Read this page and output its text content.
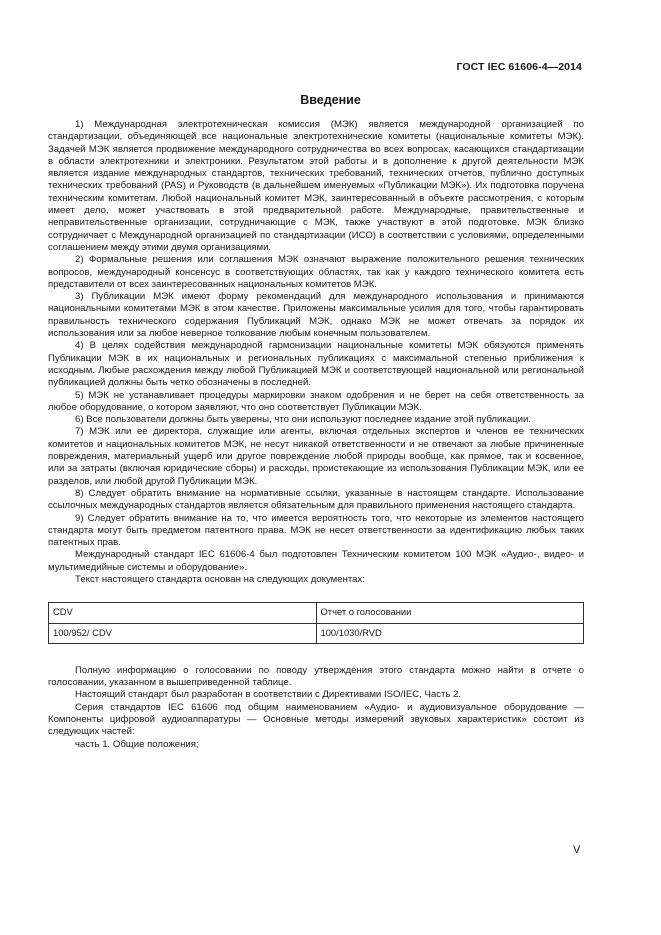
ГОСТ IEC 61606-4—2014
Введение

1) Международная электротехническая комиссия (МЭК) является международной организацией по стандартизации, объединяющей все национальные электротехнические комитеты (национальные комитеты МЭК). Задачей МЭК является продвижение международного сотрудничества во всех вопросах, касающихся стандартизации в области электротехники и электроники. Результатом этой работы и в дополнение к другой деятельности МЭК является издание международных стандартов, технических требований, технических отчетов, публично доступных технических требований (PAS) и Руководств (в дальнейшем именуемых «Публикации МЭК»). Их подготовка поручена техническим комитетам. Любой национальный комитет МЭК, заинтересованный в объекте рассмотрения, с которым имеет дело, может участвовать в этой предварительной работе. Международные, правительственные и неправительственные организации, сотрудничающие с МЭК, также участвуют в этой подготовке. МЭК близко сотрудничает с Международной организацией по стандартизации (ИСО) в соответствии с условиями, определенными соглашением между этими двумя организациями.

2) Формальные решения или соглашения МЭК означают выражение положительного решения технических вопросов, международный консенсус в соответствующих областях, так как у каждого технического комитета есть представители от всех заинтересованных национальных комитетов МЭК.

3) Публикации МЭК имеют форму рекомендаций для международного использования и принимаются национальными комитетами МЭК в этом качестве. Приложены максимальные усилия для того, чтобы гарантировать правильность технического содержания Публикаций МЭК, однако МЭК не может отвечать за порядок их использования или за любое неверное толкование любым конечным пользователем.

4) В целях содействия международной гармонизации национальные комитеты МЭК обязуются применять Публикации МЭК в их национальных и региональных публикациях с максимальной степенью приближения к исходным. Любые расхождения между любой Публикацией МЭК и соответствующей национальной или региональной публикацией должны быть четко обозначены в последней.

5) МЭК не устанавливает процедуры маркировки знаком одобрения и не берет на себя ответственность за любое оборудование, о котором заявляют, что оно соответствует Публикации МЭК.

6) Все пользователи должны быть уверены, что они используют последнее издание этой публикации.

7) МЭК или ее директора, служащие или агенты, включая отдельных экспертов и членов ее технических комитетов и национальных комитетов МЭК, не несут никакой ответственности и не отвечают за любые причиненные повреждения, материальный ущерб или другое повреждение любой природы вообще, как прямое, так и косвенное, или за затраты (включая юридические сборы) и расходы, проистекающие из использования Публикации МЭК, или ее разделов, или любой другой Публикации МЭК.

8) Следует обратить внимание на нормативные ссылки, указанные в настоящем стандарте. Использование ссылочных международных стандартов является обязательным для правильного применения настоящего стандарта.

9) Следует обратить внимание на то, что имеется вероятность того, что некоторые из элементов настоящего стандарта могут быть предметом патентного права. МЭК не несет ответственности за идентификацию любых таких патентных прав.

Международный стандарт IEC 61606-4 был подготовлен Техническим комитетом 100 МЭК «Аудио-, видео- и мультимедийные системы и оборудование».

Текст настоящего стандарта основан на следующих документах:

CDV	Отчет о голосовании
100/952/ CDV	100/1030/RVD

Полную информацию о голосовании по поводу утверждения этого стандарта можно найти в отчете о голосовании, указанном в вышеприведенной таблице.

Настоящий стандарт был разработан в соответствии с Директивами ISO/IEC, Часть 2.

Серия стандартов IEC 61606 под общим наименованием «Аудио- и аудиовизуальное оборудование — Компоненты цифровой аудиоаппаратуры — Основные методы измерений звуковых характеристик» состоит из следующих частей:

часть 1. Общие положения;

V
